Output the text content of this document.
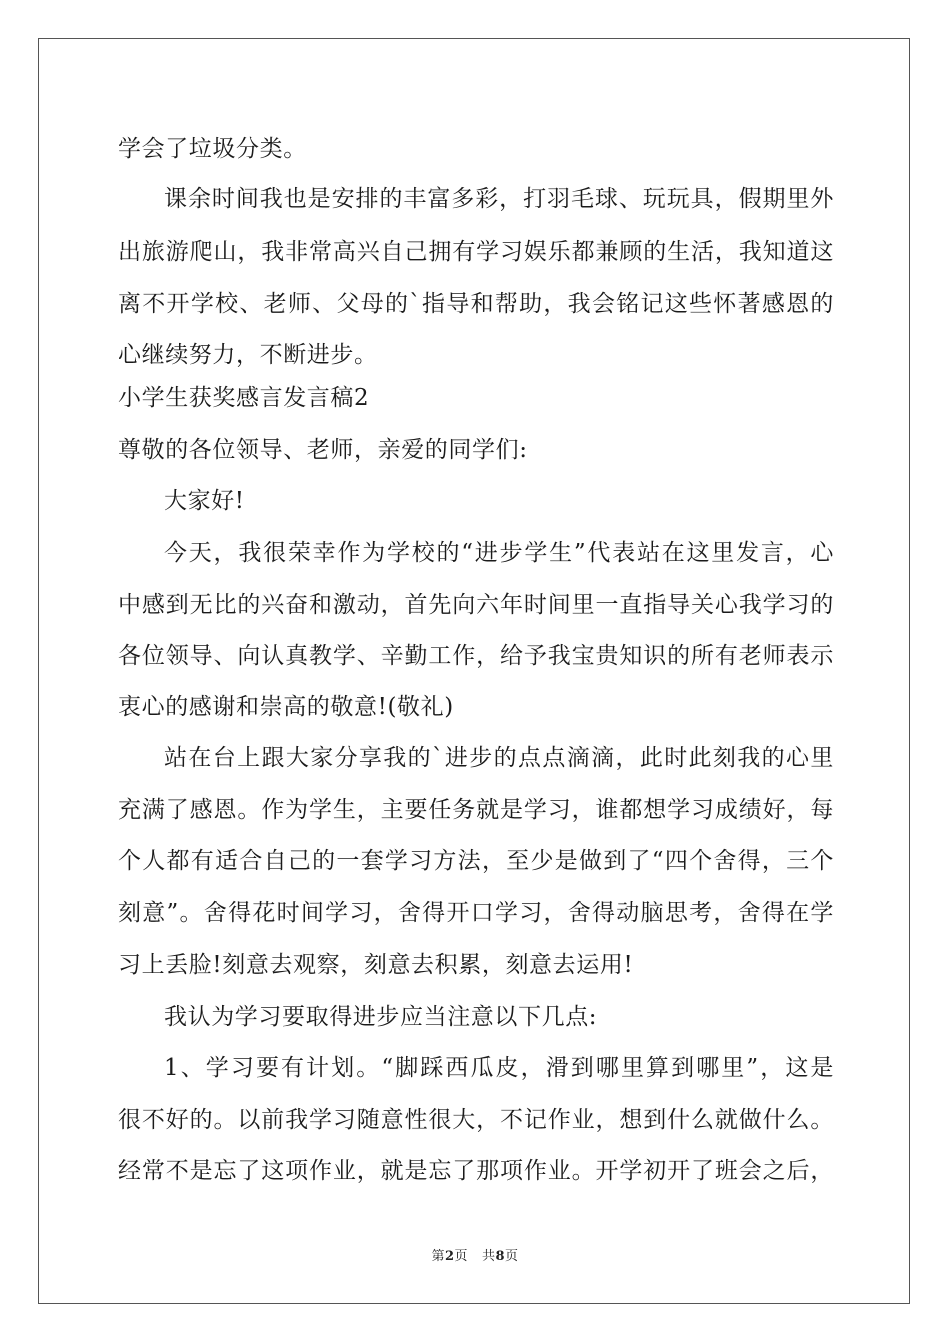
学会了垃圾分类。
课余时间我也是安排的丰富多彩，打羽毛球、玩玩具，假期里外
出旅游爬山，我非常高兴自己拥有学习娱乐都兼顾的生活，我知道这
离不开学校、老师、父母的`指导和帮助，我会铭记这些怀著感恩的
心继续努力，不断进步。
小学生获奖感言发言稿2
尊敬的各位领导、老师，亲爱的同学们:
大家好!
今天，我很荣幸作为学校的“进步学生”代表站在这里发言，心
中感到无比的兴奋和激动，首先向六年时间里一直指导关心我学习的
各位领导、向认真教学、辛勤工作，给予我宝贵知识的所有老师表示
衷心的感谢和崇高的敬意!(敬礼)
站在台上跟大家分享我的`进步的点点滴滴，此时此刻我的心里
充满了感恩。作为学生，主要任务就是学习，谁都想学习成绩好，每
个人都有适合自己的一套学习方法，至少是做到了“四个舍得，三个
刻意”。舍得花时间学习，舍得开口学习，舍得动脑思考，舍得在学
习上丢脸!刻意去观察，刻意去积累，刻意去运用!
我认为学习要取得进步应当注意以下几点:
1、学习要有计划。“脚踩西瓜皮，滑到哪里算到哪里”，这是
很不好的。以前我学习随意性很大，不记作业，想到什么就做什么。
经常不是忘了这项作业，就是忘了那项作业。开学初开了班会之后，
第2页 共8页
